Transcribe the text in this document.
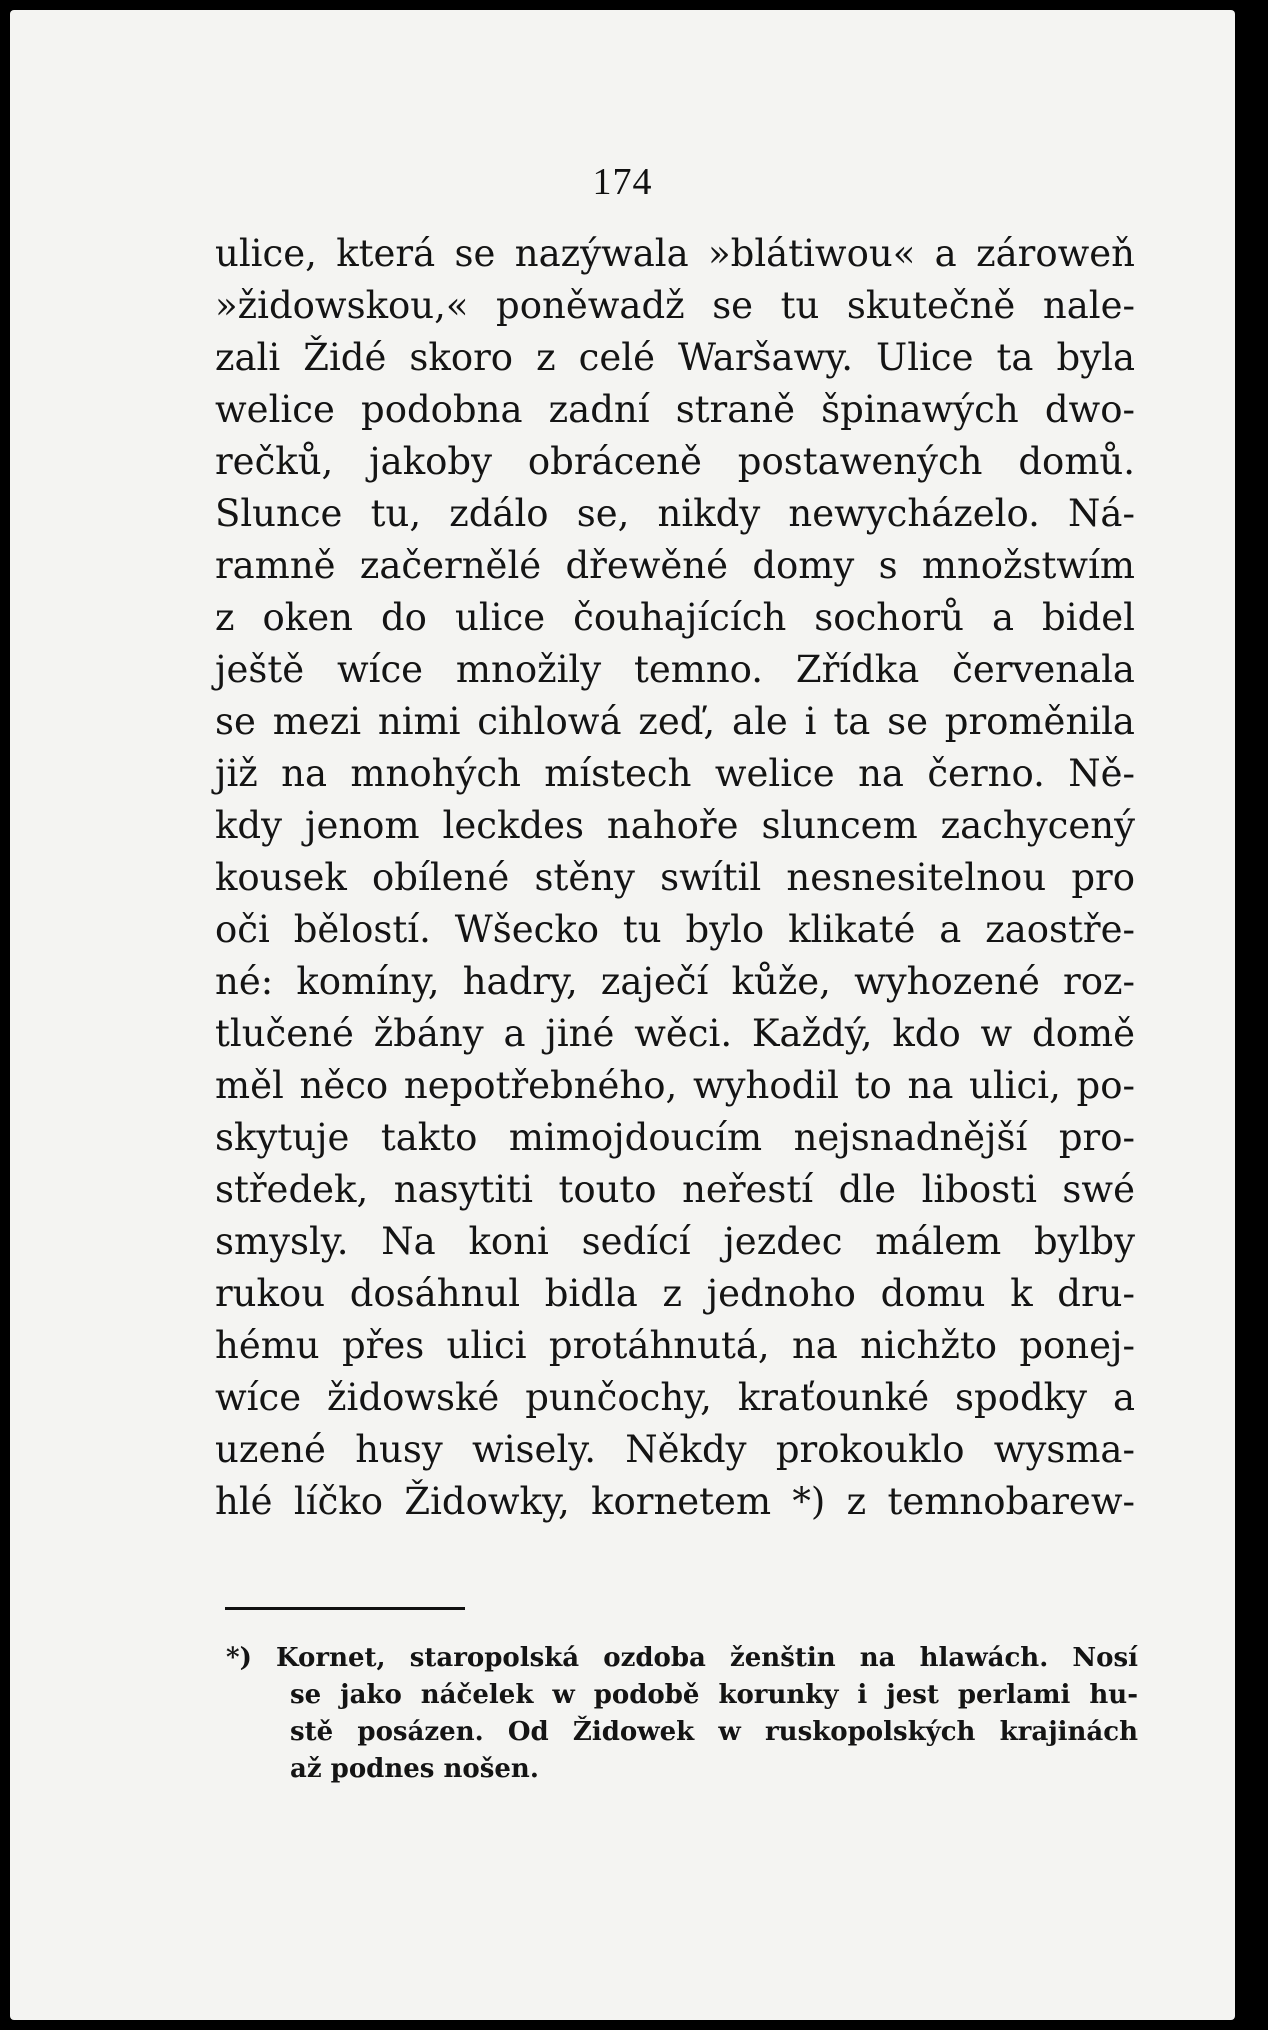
174
ulice, která se nazýwala »blátiwou« a zároweň
»židowskou,« poněwadž se tu skutečně nale-
zali Židé skoro z celé Waršawy. Ulice ta byla
welice podobna zadní straně špinawých dwo-
rečků, jakoby obráceně postawených domů.
Slunce tu, zdálo se, nikdy newycházelo. Ná-
ramně začernělé dřewěné domy s množstwím
z oken do ulice čouhajících sochorů a bidel
ještě wíce množily temno. Zřídka červenala
se mezi nimi cihlowá zeď, ale i ta se proměnila
již na mnohých místech welice na černo. Ně-
kdy jenom leckdes nahoře sluncem zachycený
kousek obílené stěny swítil nesnesitelnou pro
oči bělostí. Wšecko tu bylo klikaté a zaostře-
né: komíny, hadry, zaječí kůže, wyhozené roz-
tlučené žbány a jiné wěci. Každý, kdo w domě
měl něco nepotřebného, wyhodil to na ulici, po-
skytuje takto mimojdoucím nejsnadnější pro-
středek, nasytiti touto neřestí dle libosti swé
smysly. Na koni sedící jezdec málem bylby
rukou dosáhnul bidla z jednoho domu k dru-
hému přes ulici protáhnutá, na nichžto ponej-
wíce židowské punčochy, kraťounké spodky a
uzené husy wisely. Někdy prokouklo wysma-
hlé líčko Židowky, kornetem *) z temnobarew-
*) Kornet, staropolská ozdoba ženštin na hlawách. Nosí
se jako náčelek w podobě korunky i jest perlami hu-
stě posázen. Od Židowek w ruskopolských krajinách
až podnes nošen.
